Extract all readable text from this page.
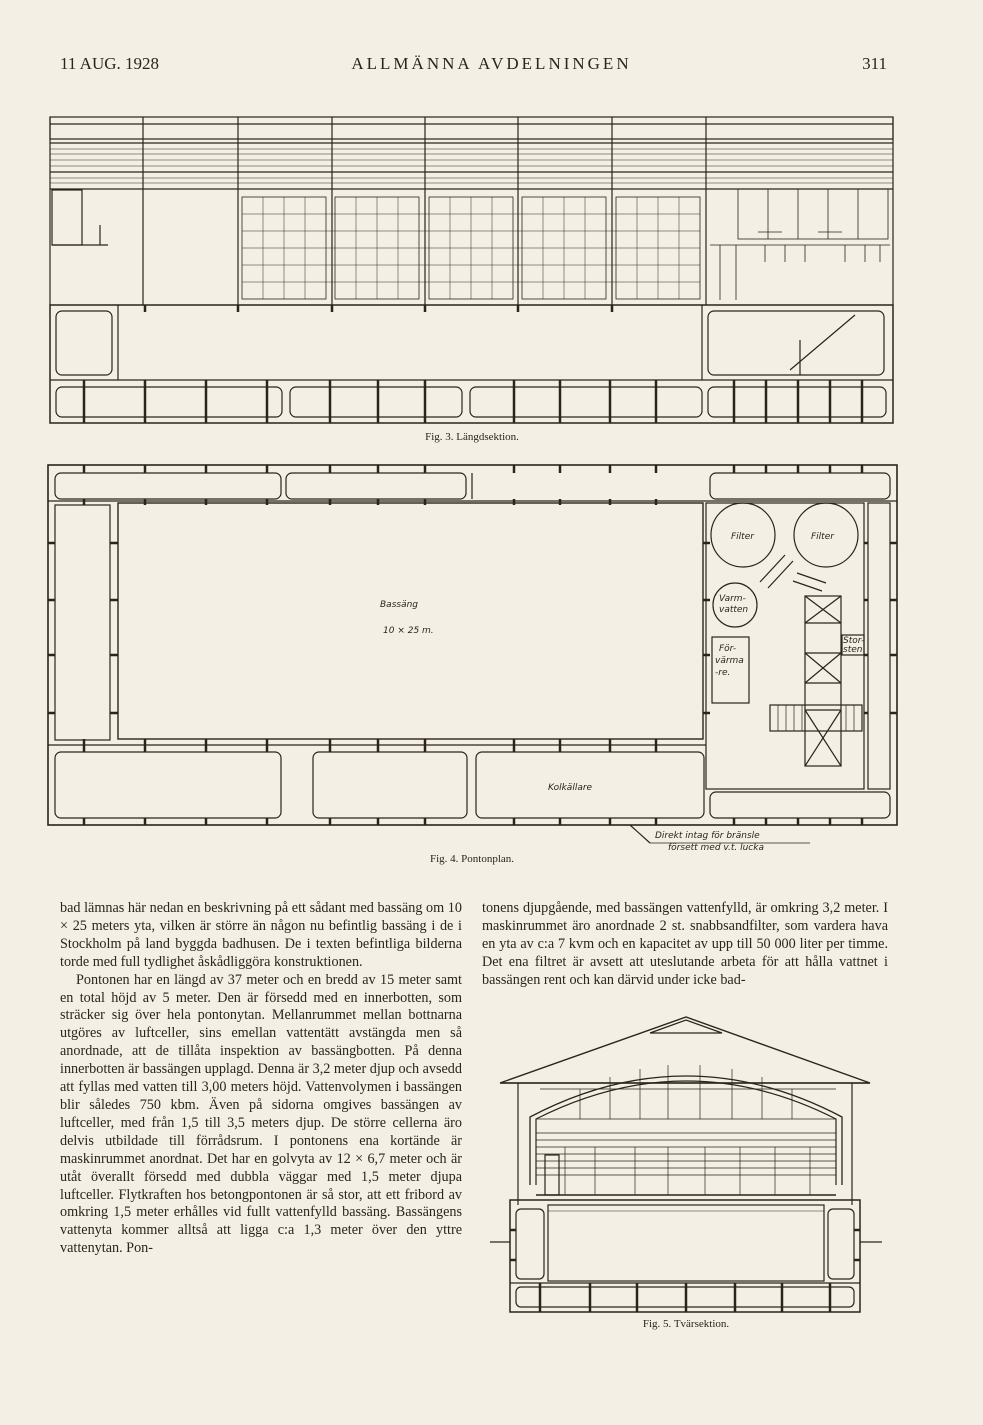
11 AUG. 1928	ALLMÄNNA AVDELNINGEN	311
Fig. 3. Längdsektion.
Filter	Filter
Varm-
vatten
För-
värma
-re.
Stor-
sten
Bassäng
10 × 25 m.
Kolkällare
Direkt intag för bränsle
försett med v.t. lucka
Fig. 4. Pontonplan.

bad lämnas här nedan en beskrivning på ett sådant med bassäng om 10 × 25 meters yta, vilken är större än någon nu befintlig bassäng i de i Stockholm på land byggda badhusen. De i texten befintliga bilderna torde med full tydlighet åskådliggöra konstruktionen.

Pontonen har en längd av 37 meter och en bredd av 15 meter samt en total höjd av 5 meter. Den är försedd med en innerbotten, som sträcker sig över hela pontonytan. Mellanrummet mellan bottnarna utgöres av luftceller, sins emellan vattentätt avstängda men så anordnade, att de tillåta inspektion av bassängbotten. På denna innerbotten är bassängen upplagd. Denna är 3,2 meter djup och avsedd att fyllas med vatten till 3,00 meters höjd. Vattenvolymen i bassängen blir således 750 kbm. Även på sidorna omgives bassängen av luftceller, med från 1,5 till 3,5 meters djup. De större cellerna äro delvis utbildade till förrådsrum. I pontonens ena kortände är maskinrummet anordnat. Det har en golvyta av 12 × 6,7 meter och är utåt överallt försedd med dubbla väggar med 1,5 meter djupa luftceller. Flytkraften hos betongpontonen är så stor, att ett fribord av omkring 1,5 meter erhålles vid fullt vattenfylld bassäng. Bassängens vattenyta kommer alltså att ligga c:a 1,3 meter över den yttre vattenytan. Pon-

tonens djupgående, med bassängen vattenfylld, är omkring 3,2 meter. I maskinrummet äro anordnade 2 st. snabbsandfilter, som vardera hava en yta av c:a 7 kvm och en kapacitet av upp till 50 000 liter per timme. Det ena filtret är avsett att uteslutande arbeta för att hålla vattnet i bassängen rent och kan därvid under icke bad-

Fig. 5. Tvärsektion.
